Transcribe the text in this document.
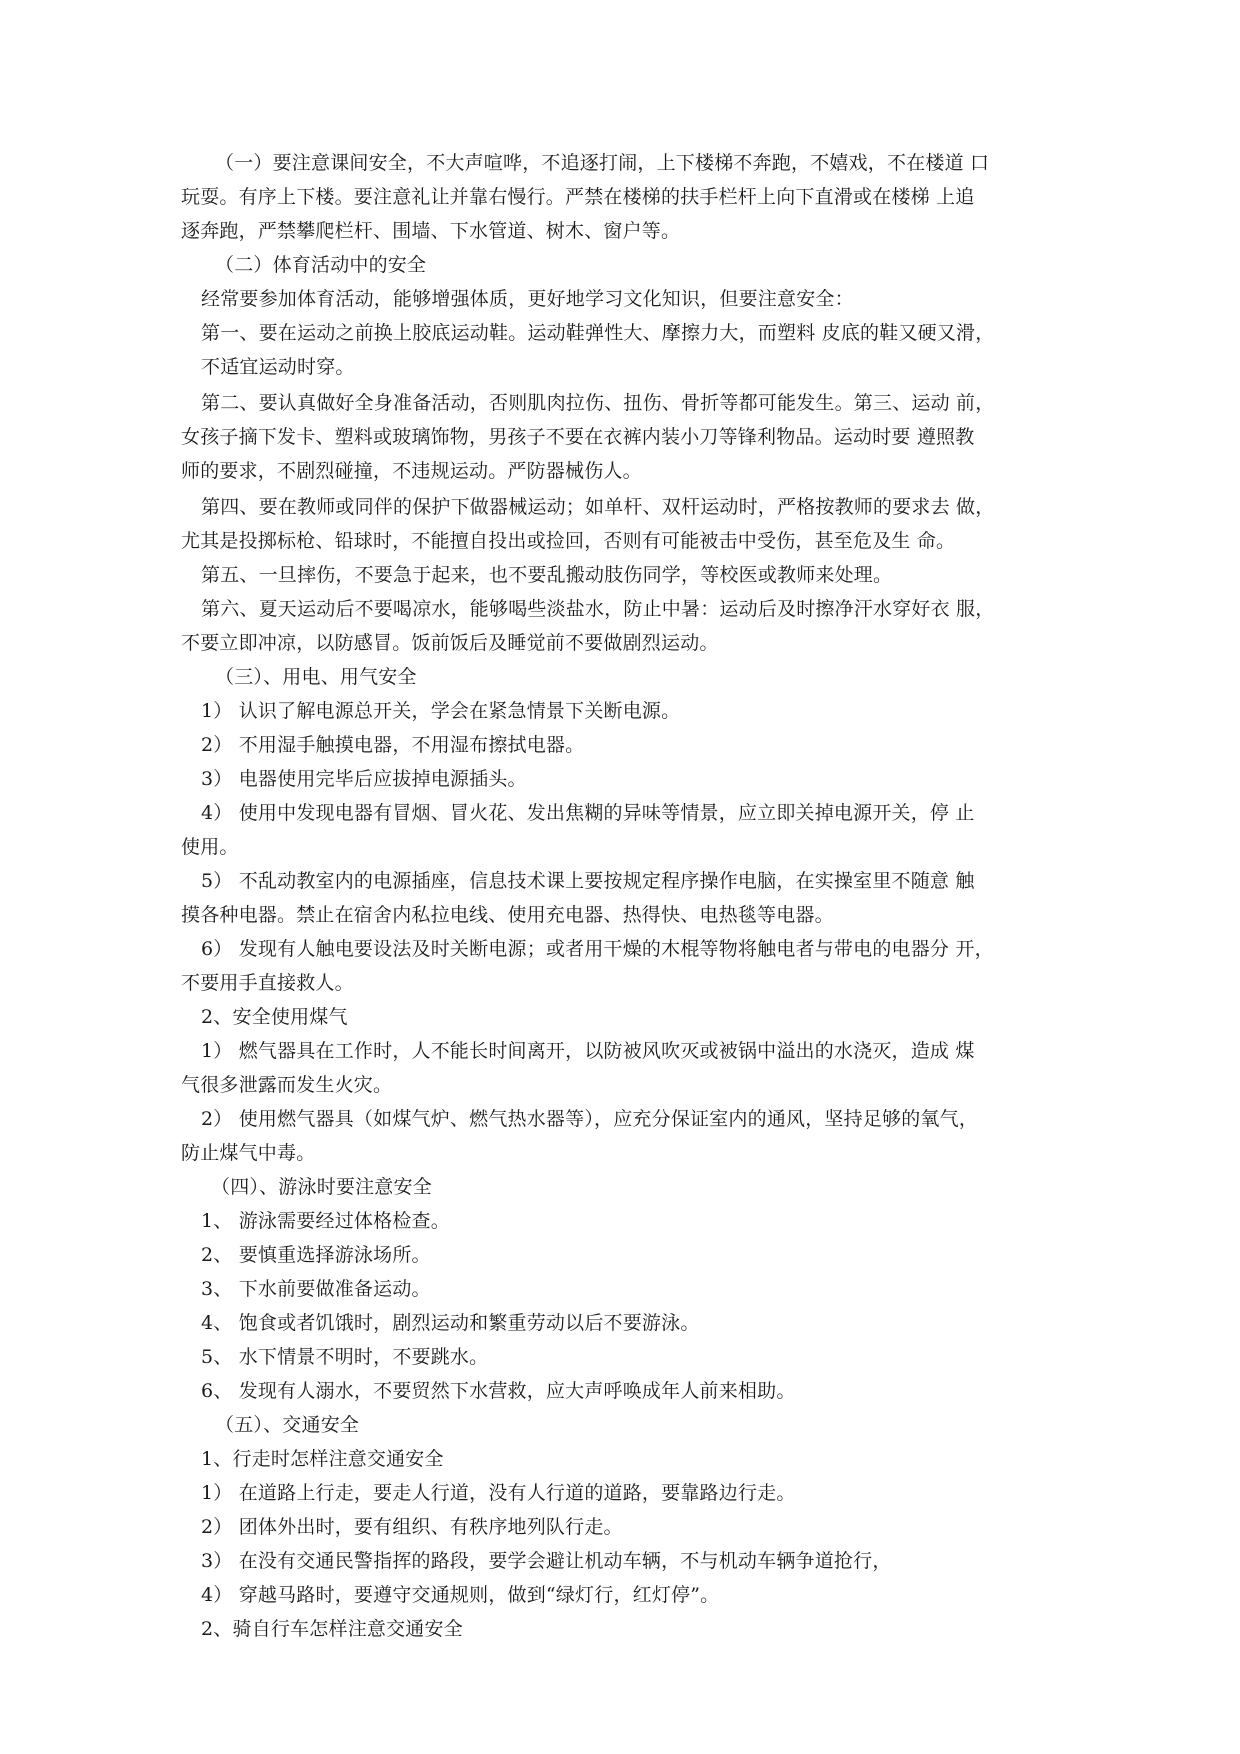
（一）要注意课间安全，不大声喧哗，不追逐打闹，上下楼梯不奔跑，不嬉戏，不在楼道 口
玩耍。有序上下楼。要注意礼让并靠右慢行。严禁在楼梯的扶手栏杆上向下直滑或在楼梯 上追
逐奔跑，严禁攀爬栏杆、围墙、下水管道、树木、窗户等。
（二）体育活动中的安全
经常要参加体育活动，能够增强体质，更好地学习文化知识，但要注意安全：
第一、要在运动之前换上胶底运动鞋。运动鞋弹性大、摩擦力大，而塑料 皮底的鞋又硬又滑，
不适宜运动时穿。
第二、要认真做好全身准备活动，否则肌肉拉伤、扭伤、骨折等都可能发生。第三、运动 前，
女孩子摘下发卡、塑料或玻璃饰物，男孩子不要在衣裤内装小刀等锋利物品。运动时要 遵照教
师的要求，不剧烈碰撞，不违规运动。严防器械伤人。
第四、要在教师或同伴的保护下做器械运动；如单杆、双杆运动时，严格按教师的要求去 做，
尤其是投掷标枪、铅球时，不能擅自投出或捡回，否则有可能被击中受伤，甚至危及生 命。
第五、一旦摔伤，不要急于起来，也不要乱搬动肢伤同学，等校医或教师来处理。
第六、夏天运动后不要喝凉水，能够喝些淡盐水，防止中暑：运动后及时擦净汗水穿好衣 服，
不要立即冲凉，以防感冒。饭前饭后及睡觉前不要做剧烈运动。
（三）、用电、用气安全
1） 认识了解电源总开关，学会在紧急情景下关断电源。
2） 不用湿手触摸电器，不用湿布擦拭电器。
3） 电器使用完毕后应拔掉电源插头。
4） 使用中发现电器有冒烟、冒火花、发出焦糊的异味等情景，应立即关掉电源开关，停 止
使用。
5） 不乱动教室内的电源插座，信息技术课上要按规定程序操作电脑，在实操室里不随意 触
摸各种电器。禁止在宿舍内私拉电线、使用充电器、热得快、电热毯等电器。
6） 发现有人触电要设法及时关断电源；或者用干燥的木棍等物将触电者与带电的电器分 开，
不要用手直接救人。
2、安全使用煤气
1） 燃气器具在工作时，人不能长时间离开，以防被风吹灭或被锅中溢出的水浇灭，造成 煤
气很多泄露而发生火灾。
2） 使用燃气器具（如煤气炉、燃气热水器等），应充分保证室内的通风，坚持足够的氧气，
防止煤气中毒。
（四）、游泳时要注意安全
1、 游泳需要经过体格检查。
2、 要慎重选择游泳场所。
3、 下水前要做准备运动。
4、 饱食或者饥饿时，剧烈运动和繁重劳动以后不要游泳。
5、 水下情景不明时，不要跳水。
6、 发现有人溺水，不要贸然下水营救，应大声呼唤成年人前来相助。
（五）、交通安全
1、行走时怎样注意交通安全
1） 在道路上行走，要走人行道，没有人行道的道路，要靠路边行走。
2） 团体外出时，要有组织、有秩序地列队行走。
3） 在没有交通民警指挥的路段，要学会避让机动车辆，不与机动车辆争道抢行，
4） 穿越马路时，要遵守交通规则，做到“绿灯行，红灯停”。
2、骑自行车怎样注意交通安全
